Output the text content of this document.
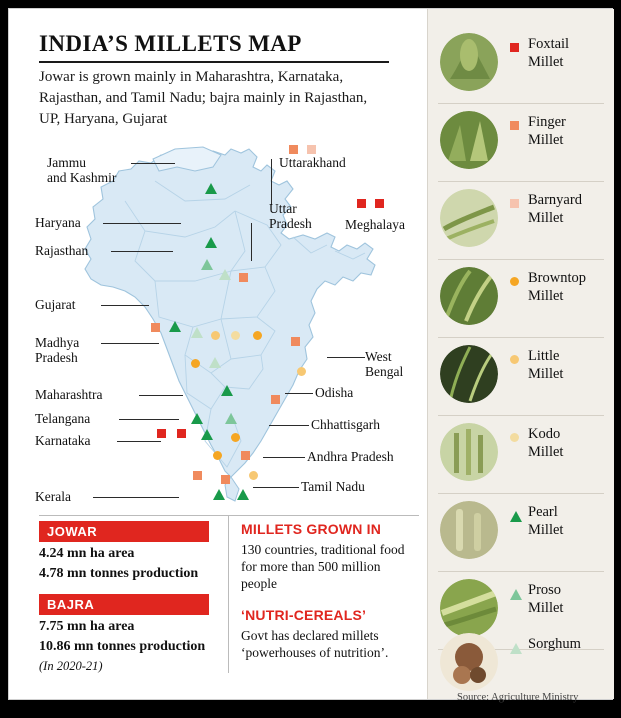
INDIA’S MILLETS MAP
Jowar is grown mainly in Maharashtra, Karnataka, Rajasthan, and Tamil Nadu; bajra mainly in Rajasthan, UP, Haryana, Gujarat
Jammu
and Kashmir
Haryana
Rajasthan
Gujarat
Madhya
Pradesh
Maharashtra
Telangana
Karnataka
Kerala
Uttarakhand
Uttar
Pradesh Meghalaya
West
Bengal
Odisha
Chhattisgarh
Andhra Pradesh
Tamil Nadu
JOWAR
4.24 mn ha area
4.78 mn tonnes production
BAJRA
7.75 mn ha area
10.86 mn tonnes production
(In 2020-21)
MILLETS GROWN IN
130 countries, traditional food for more than 500 million people
‘NUTRI-CEREALS’
Govt has declared millets ‘powerhouses of nutrition’.
Foxtail
Millet
Finger
Millet
Barnyard
Millet
Browntop
Millet
Little
Millet
Kodo
Millet
Pearl
Millet
Proso
Millet
Sorghum
Source: Agriculture Ministry
